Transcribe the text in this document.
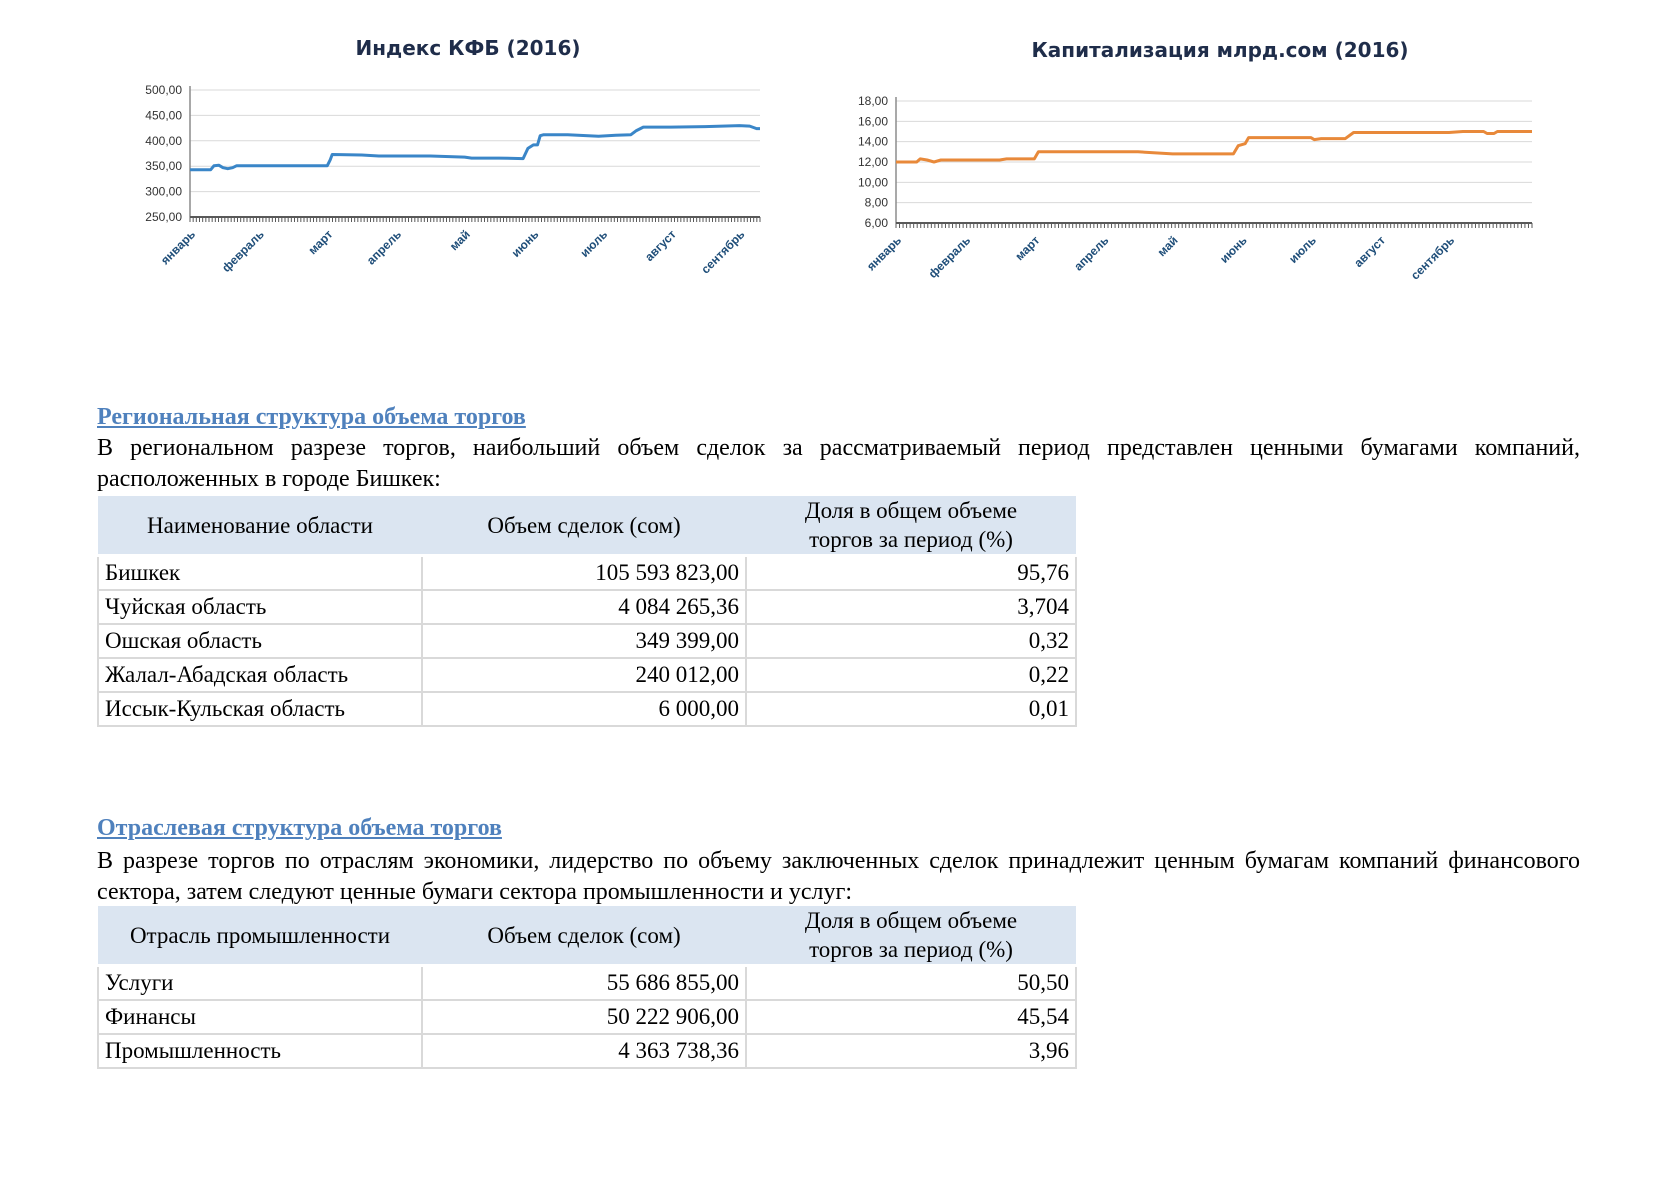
Индекс КФБ (2016)	Капитализация млрд.сом (2016)
250,00
300,00
350,00
400,00
450,00
500,00
январь февраль	март апрель	май	июнь	июль	август сентябрь
6,00
8,00
10,00
12,00
14,00
16,00
18,00
январь февраль	март апрель	май	июнь	июль	август сентябрь
Региональная структура объема торгов
В региональном разрезе торгов, наибольший объем сделок за рассматриваемый период представлен ценными бумагами компаний, расположенных в городе Бишкек:
Наименование области	Объем сделок (сом)	Доля в общем объеме торгов за период (%)
Бишкек	105 593 823,00	95,76
Чуйская область	4 084 265,36	3,704
Ошская область	349 399,00	0,32
Жалал-Абадская область	240 012,00	0,22
Иссык-Кульская область	6 000,00	0,01
Отраслевая структура объема торгов
В разрезе торгов по отраслям экономики, лидерство по объему заключенных сделок принадлежит ценным бумагам компаний финансового сектора, затем следуют ценные бумаги сектора промышленности и услуг:
Отрасль промышленности	Объем сделок (сом)	Доля в общем объеме торгов за период (%)
Услуги	55 686 855,00	50,50
Финансы	50 222 906,00	45,54
Промышленность	4 363 738,36	3,96
